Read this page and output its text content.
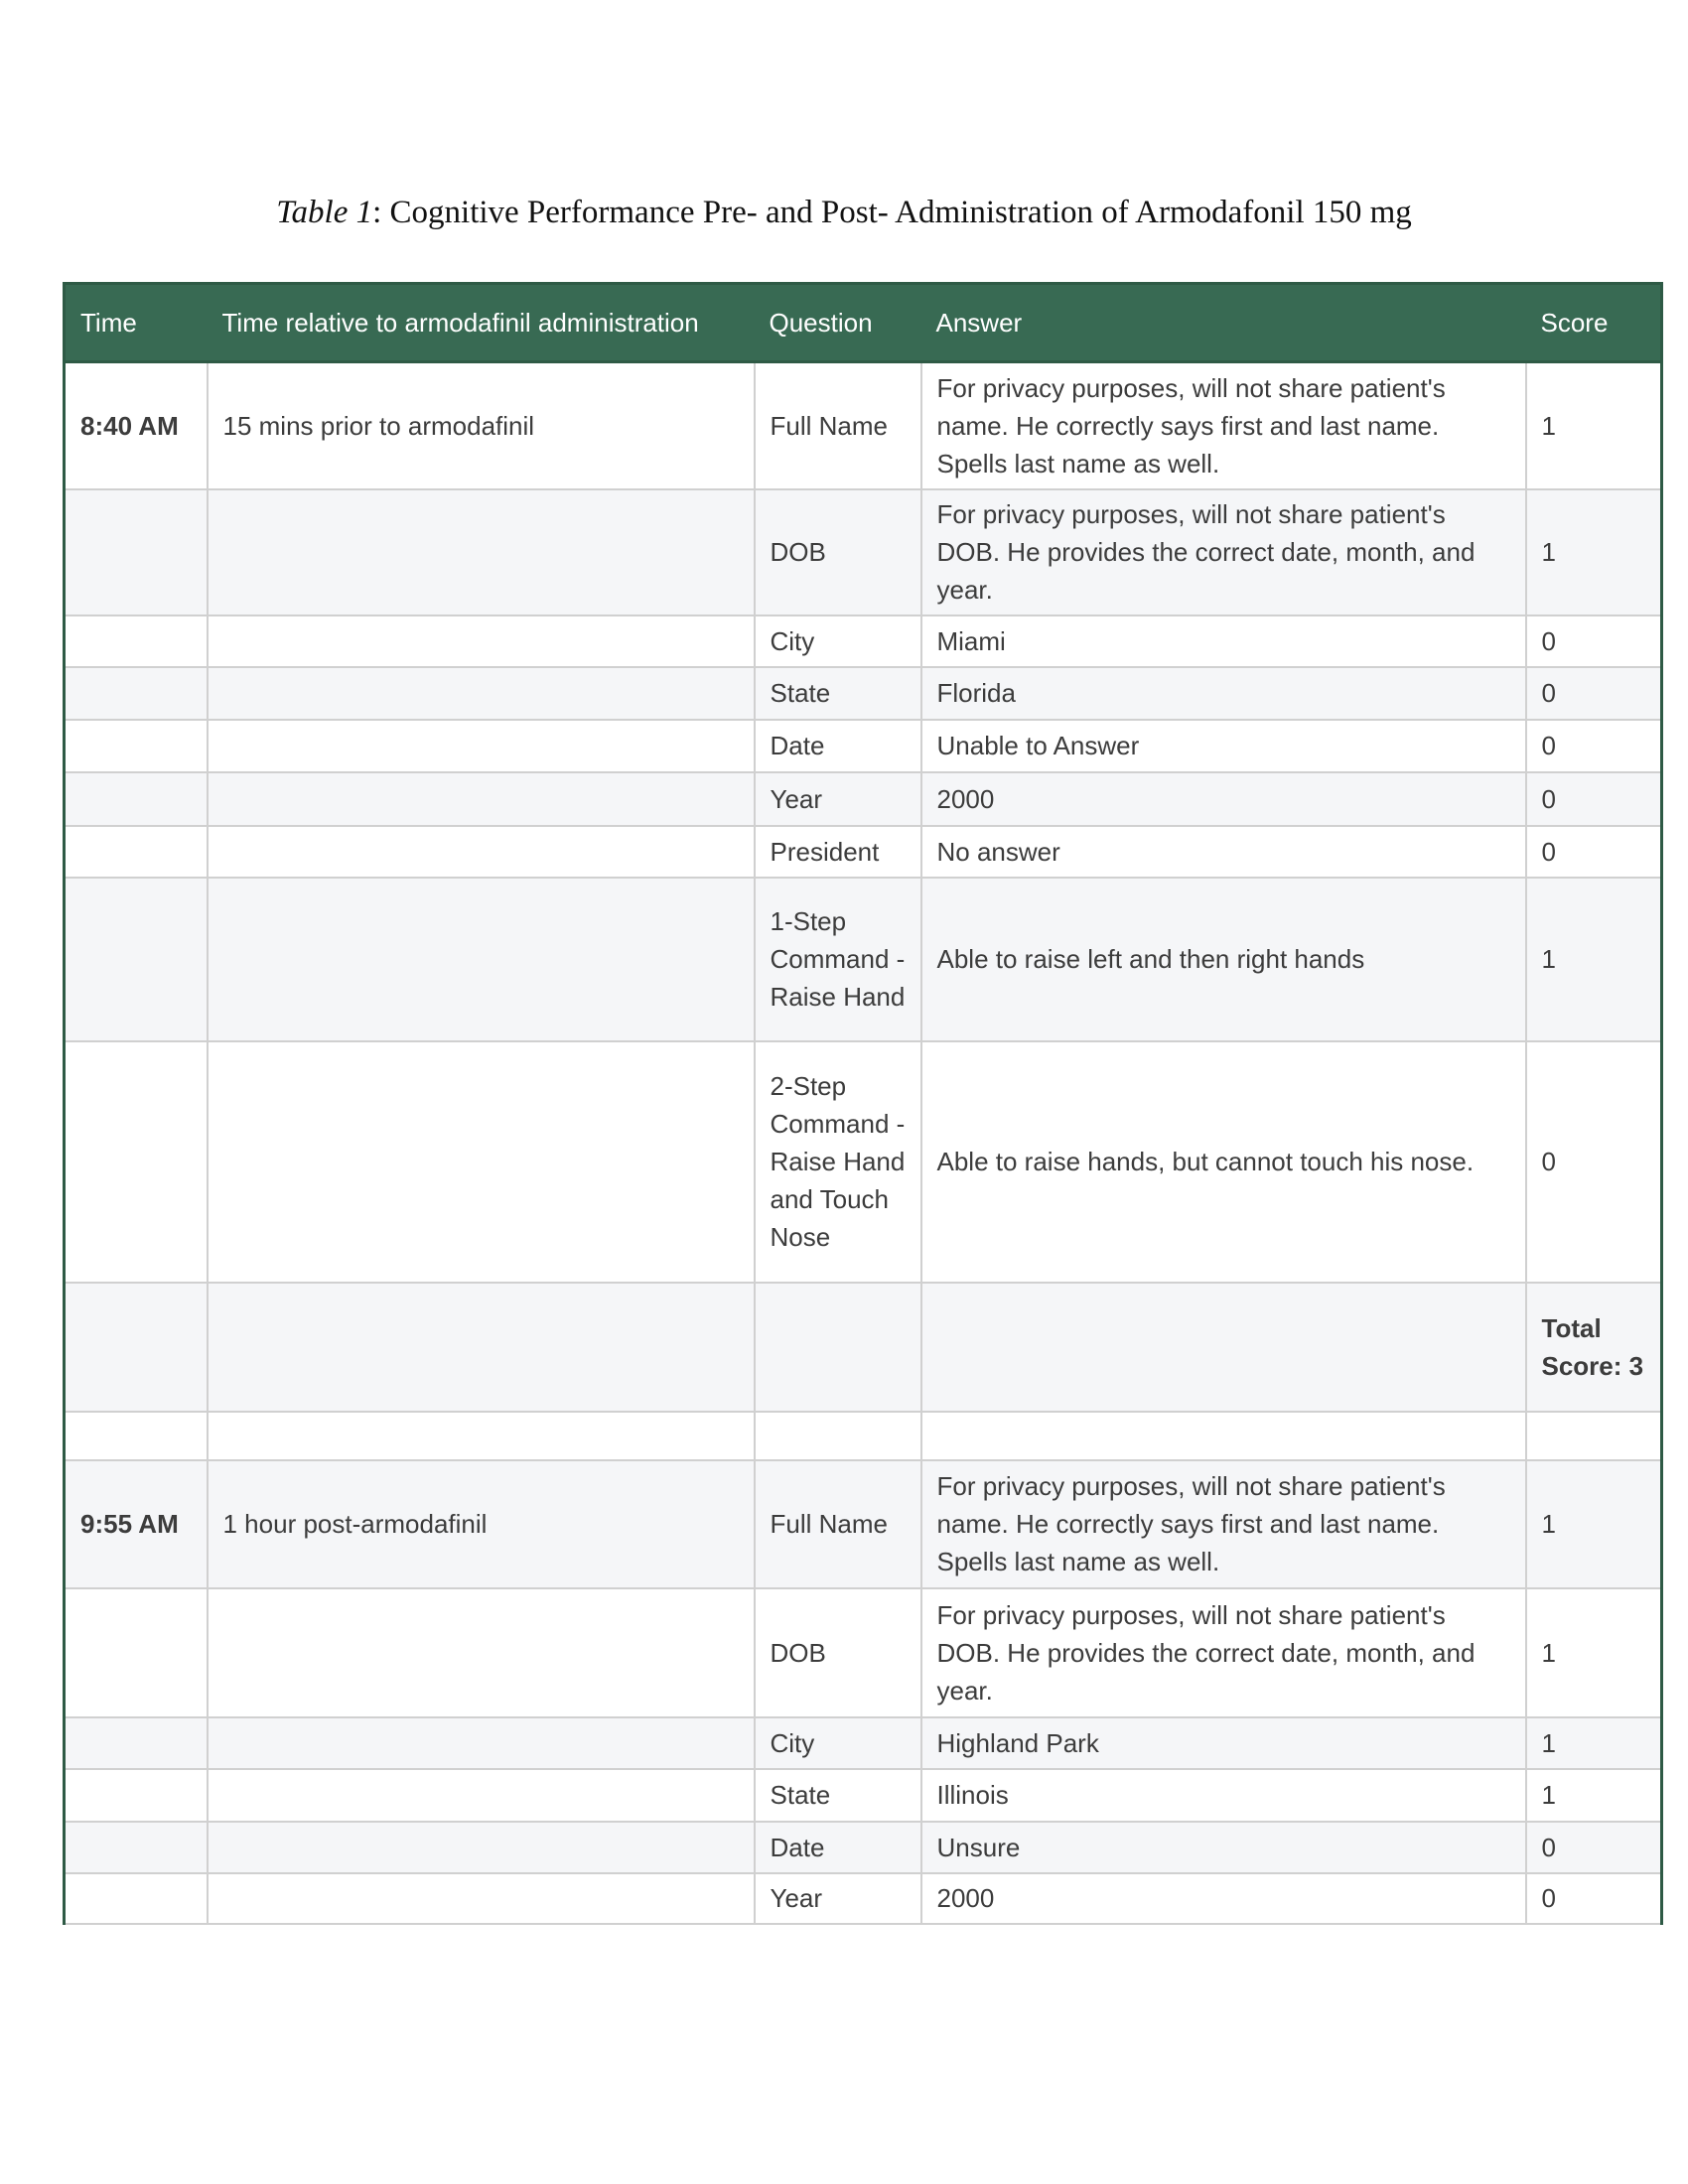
Table 1: Cognitive Performance Pre- and Post- Administration of Armodafonil 150 mg
Time	Time relative to armodafinil administration	Question	Answer	Score
8:40 AM	15 mins prior to armodafinil	Full Name	For privacy purposes, will not share patient's name. He correctly says first and last name. Spells last name as well.	1
		DOB	For privacy purposes, will not share patient's DOB. He provides the correct date, month, and year.	1
		City	Miami	0
		State	Florida	0
		Date	Unable to Answer	0
		Year	2000	0
		President	No answer	0
		1-Step Command - Raise Hand	Able to raise left and then right hands	1
		2-Step Command - Raise Hand and Touch Nose	Able to raise hands, but cannot touch his nose.	0
				Total Score: 3

9:55 AM	1 hour post-armodafinil	Full Name	For privacy purposes, will not share patient's name. He correctly says first and last name. Spells last name as well.	1
		DOB	For privacy purposes, will not share patient's DOB. He provides the correct date, month, and year.	1
		City	Highland Park	1
		State	Illinois	1
		Date	Unsure	0
		Year	2000	0
